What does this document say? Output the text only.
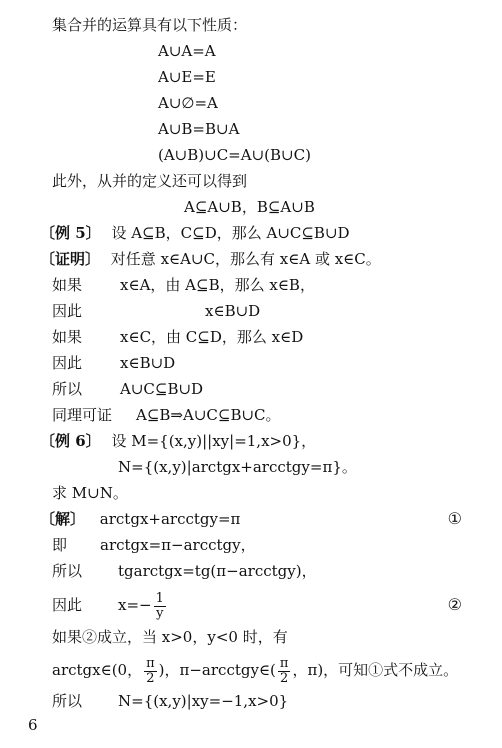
集合并的运算具有以下性质：
A∪A=A
A∪E=E
A∪∅=A
A∪B=B∪A
(A∪B)∪C=A∪(B∪C)
此外，从并的定义还可以得到
A⊆A∪B，B⊆A∪B
〔例 5〕 设 A⊆B，C⊆D，那么 A∪C⊆B∪D
〔证明〕 对任意 x∈A∪C，那么有 x∈A 或 x∈C。
如果	x∈A，由 A⊆B，那么 x∈B，
因此	x∈B∪D
如果	x∈C，由 C⊆D，那么 x∈D
因此	x∈B∪D
所以	A∪C⊆B∪D
同理可证 A⊆B⇒A∪C⊆B∪C。
〔例 6〕 设 M={(x,y)||xy|=1,x>0}，
N={(x,y)|arctgx+arcctgy=π}。
求 M∪N。
〔解〕 arctgx+arcctgy=π	①
即 arctgx=π−arcctgy，
所以 tgarctgx=tg(π−arcctgy)，
因此 $x=- \frac{1}{y}$	②
如果②成立，当 x>0，y<0 时，有
arctgx∈(0， $\frac{\pi}{2}$ )，π−arcctgy∈( $\frac{\pi}{2}$ ，π)，可知①式不成立。
所以 N={(x,y)|xy=−1,x>0}
6
